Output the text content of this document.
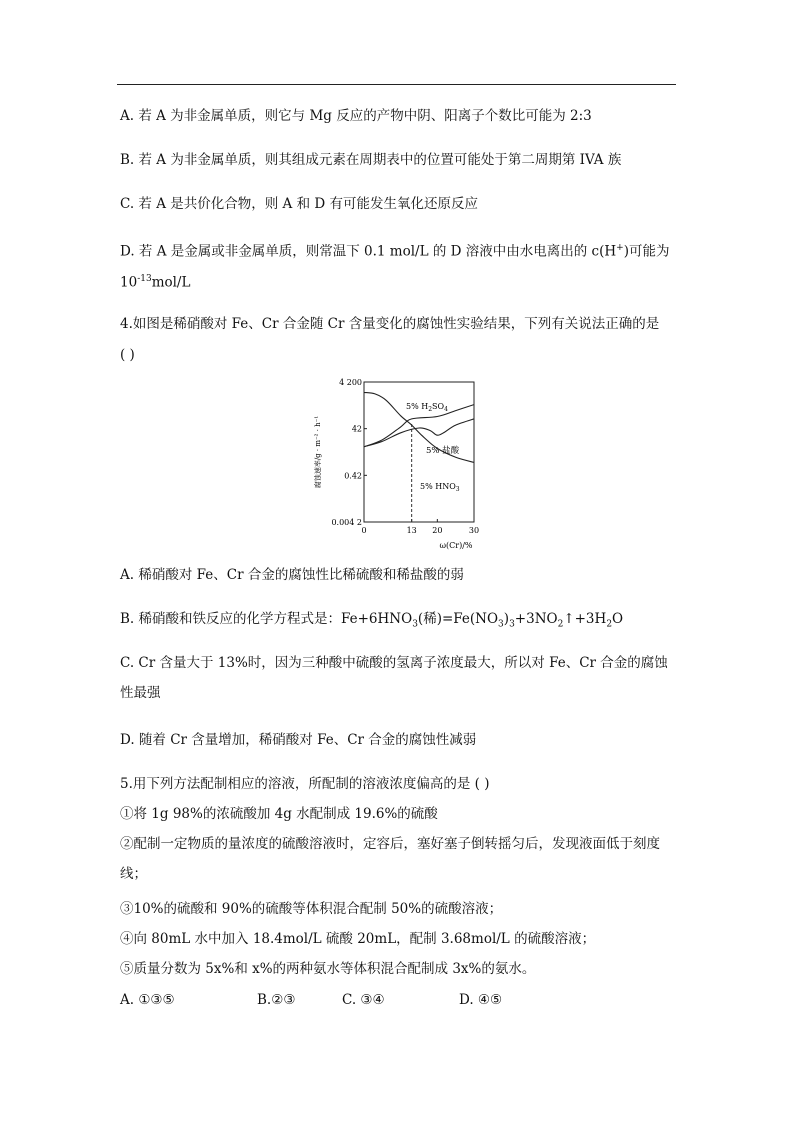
A. 若 A 为非金属单质，则它与 Mg 反应的产物中阴、阳离子个数比可能为 2:3
B. 若 A 为非金属单质，则其组成元素在周期表中的位置可能处于第二周期第 IVA 族
C. 若 A 是共价化合物，则 A 和 D 有可能发生氧化还原反应
D. 若 A 是金属或非金属单质，则常温下 0.1 mol/L 的 D 溶液中由水电离出的 c(H+)可能为
$10^{-13}mol/L$
4.如图是稀硝酸对 Fe、Cr 合金随 Cr 含量变化的腐蚀性实验结果，下列有关说法正确的是
( )
4 200
42
0.42
0.004 2
0	13 20	30
5% $H_2SO_4$
5% 盐酸
5% $HNO_3$
ω(Cr)/%
腐蚀速率/g · m⁻² · h⁻¹
A. 稀硝酸对 Fe、Cr 合金的腐蚀性比稀硫酸和稀盐酸的弱
B. 稀硝酸和铁反应的化学方程式是：$Fe+6HNO_3$(稀)$=Fe(NO_3)_3+3NO_2↑+3H_2O$
C. Cr 含量大于 13%时，因为三种酸中硫酸的氢离子浓度最大，所以对 Fe、Cr 合金的腐蚀性最强
D. 随着 Cr 含量增加，稀硝酸对 Fe、Cr 合金的腐蚀性减弱
5.用下列方法配制相应的溶液，所配制的溶液浓度偏高的是 ( )
①将 1g 98%的浓硫酸加 4g 水配制成 19.6%的硫酸
②配制一定物质的量浓度的硫酸溶液时，定容后，塞好塞子倒转摇匀后，发现液面低于刻度线；
③10%的硫酸和 90%的硫酸等体积混合配制 50%的硫酸溶液；
④向 80mL 水中加入 18.4mol/L 硫酸 20mL，配制 3.68mol/L 的硫酸溶液；
⑤质量分数为 5x%和 x%的两种氨水等体积混合配制成 3x%的氨水。
A. ①③⑤	B.②③	C. ③④	D. ④⑤
